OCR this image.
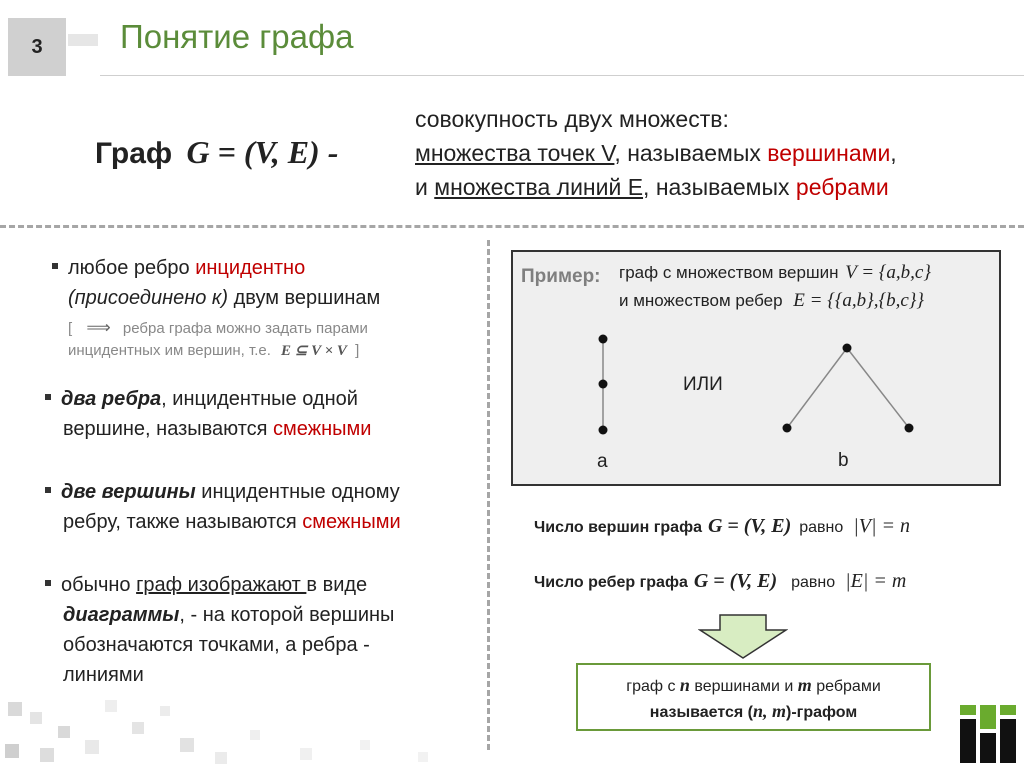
3 Понятие графа
Граф G = (V, E) -
совокупность двух множеств:
множества точек V, называемых вершинами,
и множества линий E, называемых ребрами
любое ребро инцидентно
(присоединено к) двум вершинам
[ ⟹ ребра графа можно задать парами
инцидентных им вершин, т.е. E ⊆ V × V ]
два ребра, инцидентные одной
вершине, называются смежными
две вершины инцидентные одному
ребру, также называются смежными
обычно граф изображают в виде
диаграммы, - на которой вершины
обозначаются точками, а ребра -
линиями
Пример: граф с множеством вершин V = {a,b,c}
и множеством ребер E = {{a,b},{b,c}}
a
ИЛИ
b
Число вершин графа G = (V, E) равно |V| = n
Число ребер графа G = (V, E) равно |E| = m
граф с n вершинами и m ребрами
называется (n, m)-графом
